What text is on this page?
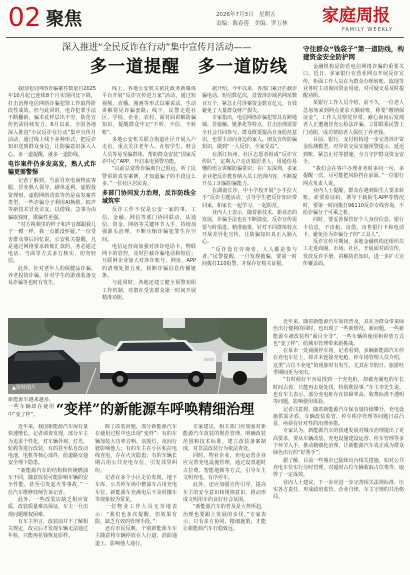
02 聚焦	2026年7月3日　星期五
责编：陈春莲　美编：罗万林 家庭周报
FAMILY WEEKLY
深入推进“全民反诈在行动”集中宣传月活动——
多一道提醒　多一道防线

我国电信网络诈骗案件数量自2025年10月起已连续8个月实现同比下降，打击治理电信网络诈骗犯罪工作取得阶段性成效。但与此同时，电诈犯罪手法不断翻新，骗术花样层出不穷，防范宣传仍需持续发力。6月以来，全国各地深入推进“全民反诈在行动”集中宣传月活动，通过线上线下多种形式，把反诈知识送到群众身边，让防骗意识深入人心。多一道提醒，就多一道防线。

电诈案件仍多发高发，熟人式诈骗更需警惕

记者了解到，当前冒充电商物流客服、冒充熟人领导、刷单返利、虚假投资理财、虚假网络贷款等仍是高发案件类型。一些诈骗分子利用AI换脸、拟声等新技术冒充亲友，以借钱、急事为由骗取钱财，欺骗性更强。

“对方视频里的样子和声音都跟我儿子一模一样，我一点都没怀疑。”一位受害群众事后回忆说。公安机关提醒，凡是通过网络要求转账汇款的，务必通过电话、当面等方式多方核实，切勿轻信。

此外，针对老年人的保健品诈骗、养老投资诈骗，针对学生的游戏装备交易诈骗等也时有发生。

线上，各地公安机关依托政务新媒体平台开展“反诈宣传进万家”活动，通过短视频、直播、漫画等形式以案说法，生动讲解常见诈骗套路；线下，民警走进社区、学校、企业、农村，面对面讲解防骗知识，提醒群众牢记“不听、不信、不转账”。

多地公安机关联合街道社区开展入户走访，重点关注老年人、在校学生、财会人员等易受骗群体，帮助群众安装“国家反诈中心”APP，开启来电预警功能。

“以前总觉得诈骗离自己很远，听了民警讲的真实案例，才知道骗子的手段这么多。”一位社区居民说。

多部门协同发力治理，反诈防线全域筑牢

反诈工作不仅是公安一家的事。工信、金融、网信等部门协同联动，从通信、资金、网络等关键环节入手，持续加强源头治理，不断压缩诈骗犯罪生存空间。

电信运营商加强对涉诈电话卡、物联网卡的管控，及时拦截诈骗电话和短信；互联网企业加大对涉诈账号、网址、APP的清理处置力度，斩断诈骗信息传播链条。

与此同时，各地还建立健全预警劝阻工作机制，对潜在受害群众第一时间开展精准劝阻。

据介绍，今年以来，各部门累计拦截诈骗电话、短信数亿次，处置涉诈域名网址数百万个，紧急止付涉案资金数百亿元，有效避免了大量群众财产损失。

专家指出，电信网络诈骗犯罪具有跨地域、非接触、链条化等特点，打击治理需要全社会共同参与。群众既要提高自身防范意识，也要主动向身边的家人、朋友宣传防骗知识，做到“一人反诈，全家受益”。

在浙江杭州，社区志愿者组成“反诈宣传队”，定期入户走访独居老人，用通俗易懂的语言讲解防骗常识；在广东深圳，多家企业把反诈教育纳入员工培训内容，不断提升员工识骗防骗能力。

在湖南长沙，中小学校开展“小手拉大手”反诈主题活动，引导学生把反诈知识带回家，和家长一起学习、一起防范。

业内人士表示，随着新技术、新业态的发展，诈骗手法也在不断演变。反诈宣传需要与时俱进、精准施策，针对不同群体特点开展差异化宣传，让防骗知识真正入脑入心。

“反诈没有旁观者，人人都是参与者。”民警提醒，一旦发现被骗，要第一时间拨打110报警，并保存好相关证据。

守住群众“钱袋子”第一道防线，构建资金安全防护网

金融机构是防范电信网络诈骗的重要关口。近日，多家银行在营业网点开展反诈宣传，柜面工作人员在为群众办理转账、取现等业务时主动询问资金用途，对可疑交易及时提醒劝阻。

某银行工作人员介绍，前不久，一位老人急匆匆来到网点要求大额转账，称要“缴纳保证金”。工作人员察觉异常，耐心询问后发现老人正遭遇冒充公检法诈骗，立即联系民警上门劝阻，成功帮助老人保住了养老钱。

目前，银行、支付机构进一步完善涉诈资金监测模型，对异常交易实施预警提示、延迟到账、紧急止付等措施，全力守护群众资金安全。

“我们会在客户办理业务时多问一句、多提醒一次，尽可能把风险挡在前面。”一位银行网点负责人说。

业内人士提醒，群众在遇到陌生人要求转账、索要验证码、诱导下载陌生APP等情况时，要第一时间拨打96110反诈专线咨询，不给诈骗分子可乘之机。

同时，要妥善保管好个人身份信息、银行卡信息，不出租、出借、出售银行卡和电话卡，避免沦为诈骗分子的“工具人”。

反诈宣传月期间，多地金融机构还组织员工走进商圈、市场、社区，开展面对面宣传，发放反诈手册，讲解防范知识，进一步扩大宣传覆盖面。

▲资料图片

近年来，随着新能源汽车加快普及，其在为群众带来绿色出行便利的同时，也出现了一些新情况、新问题。一些新能源车被改装得“面目全非”，一些车辆的使用和停放方式也“变了样”，给城市管理带来新挑战。

在某市一处商圈停车场，记者看到，多辆新能源汽车停在充电车位上，却并未连接充电枪。停车场管理人员介绍，这类“占位不充电”的现象时有发生，尤其在节假日、旅游旺季期间更为突出。

“有时候好不容易找到一个充电桩，却被充满电的车长时间占着，只能再去别处找，特别耽误事。”车主李先生说。也有车主表示，部分充电桩存在故障率高、收费标准不透明等问题，影响使用体验。

记者注意到，随着新能源汽车保有量持续攀升，充电设施供需矛盾、车辆改装监管、停车秩序管理等问题日益凸显，亟须有针对性的治理举措。

专家认为，新能源汽车的快速发展对城市治理提出了更高要求。要从车辆改装、充电设施建设运营、停车管理等多个环节入手，推动精细化治理，让新能源汽车真正成为群众绿色出行的“好帮手”。

据了解，目前一些城市已陆续出台相关措施，如对公共充电车位实行分时管理、对超时占位车辆收取占位费等，取得了一定成效。

业内人士建议，下一步应进一步完善相关法规标准，压实各方责任，形成政府监管、企业自律、车主守规的共治格局。

新能源车越来越多，一些车辆却在使用中“变了样”。	“变样”的新能源车呼唤精细治理

近年来，我国新能源汽车保有量快速增长。记者调查发现，部分车主为追求个性化，对车辆外观、灯光、轮毂等进行改装，有的甚至私自改动电池、电机等核心部件，给道路交通安全埋下隐患。

“新能源汽车的结构和传统燃油车不同，随意改装可能影响车辆的安全性能，甚至引发起火等事故。”一位汽车维修技师告诉记者。

此外，一些改装店缺乏相应资质，改装质量难以保证，车主一旦出现问题维权困难。

有车主坦言，改装前并不了解相关规定，改完后才发现车辆无法通过年检，只能再花钱恢复原样。

除了改装问题，部分新能源汽车在使用过程中也出现“变样”：有的车辆加装大功率音响、氛围灯，夜间行驶影响他人；有的车主在小区私拉电线充电，存在火灾隐患；有的车辆长期占用公共充电车位，引发邻里纠纷。

记者在多个小区走访发现，地下车库、公共停车场中燃油车占用充电车位、新能源车充满电后不及时挪车等现象较为常见。

一位物业工作人员无奈地表示：“我们也多次提醒，但效果有限，缺乏有效的管理手段。”

还有市民反映，个别新能源车车主随意将车辆停放在人行道、消防通道上，影响他人通行。

专家建议，相关部门应加强对新能源汽车改装的规范管理，明确改装范围和技术标准，建立改装备案制度，对非法改装行为依法查处。

同时，物业企业、充电运营企业应完善充电设施管理，通过设置超时占位费、智能地锁等方式，引导车主文明充电、有序停车。

此外，还应加强宣传引导，提高车主的安全意识和规则意识，推动形成文明用车的良好社会氛围。

“新能源汽车的普及是大势所趋，治理也要跟上发展的步伐。”专家表示，只有多方协同、精细施策，才能让新能源汽车行稳致远。
